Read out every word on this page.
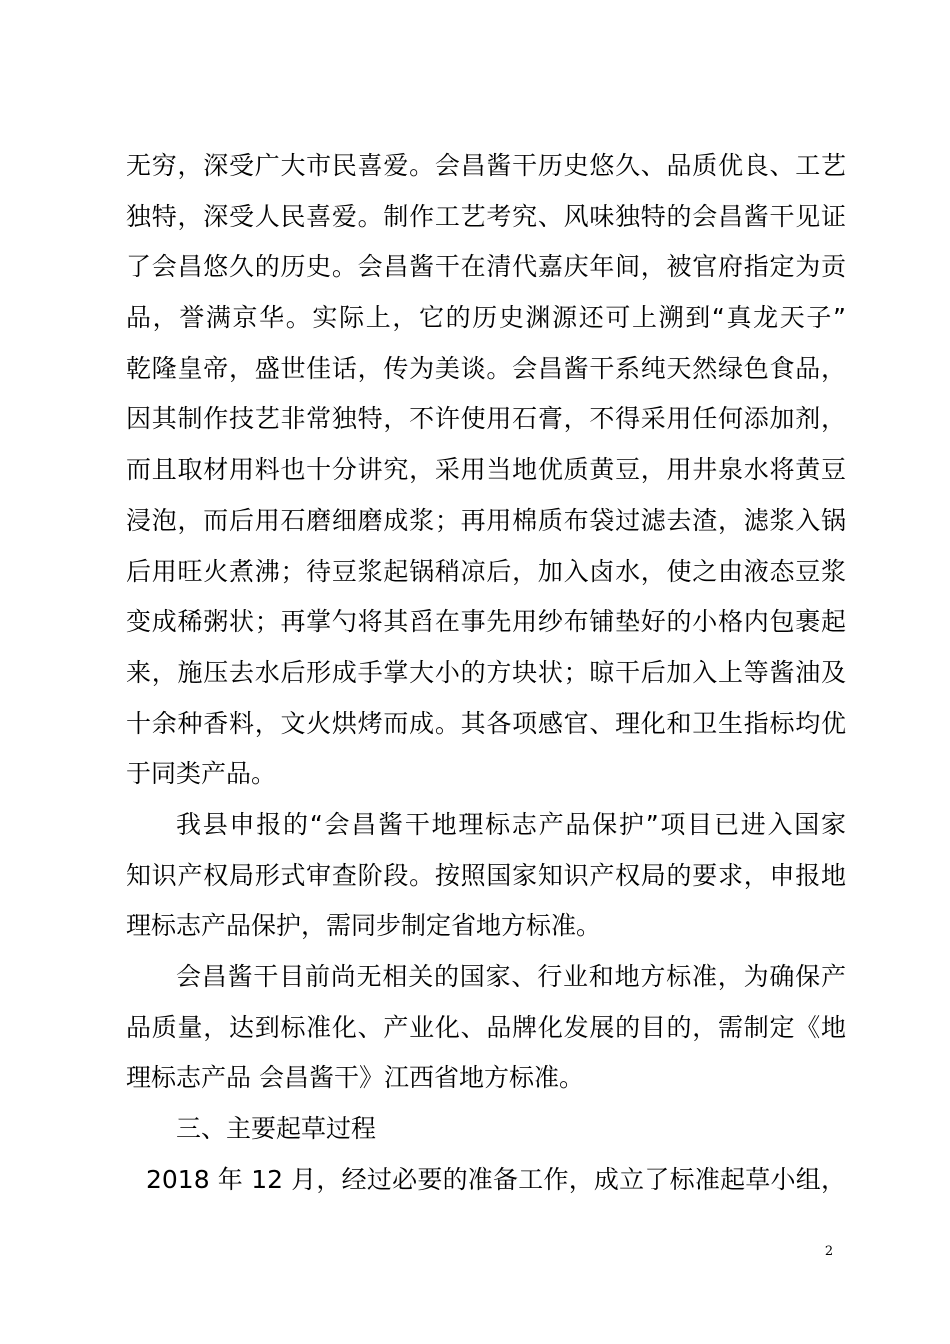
无穷，深受广大市民喜爱。会昌酱干历史悠久、品质优良、工艺
独特，深受人民喜爱。制作工艺考究、风味独特的会昌酱干见证
了会昌悠久的历史。会昌酱干在清代嘉庆年间，被官府指定为贡
品，誉满京华。实际上，它的历史渊源还可上溯到“真龙天子”
乾隆皇帝，盛世佳话，传为美谈。会昌酱干系纯天然绿色食品，
因其制作技艺非常独特，不许使用石膏，不得采用任何添加剂，
而且取材用料也十分讲究，采用当地优质黄豆，用井泉水将黄豆
浸泡，而后用石磨细磨成浆；再用棉质布袋过滤去渣，滤浆入锅
后用旺火煮沸；待豆浆起锅稍凉后，加入卤水，使之由液态豆浆
变成稀粥状；再掌勺将其舀在事先用纱布铺垫好的小格内包裹起
来，施压去水后形成手掌大小的方块状；晾干后加入上等酱油及
十余种香料，文火烘烤而成。其各项感官、理化和卫生指标均优
于同类产品。
我县申报的“会昌酱干地理标志产品保护”项目已进入国家
知识产权局形式审查阶段。按照国家知识产权局的要求，申报地
理标志产品保护，需同步制定省地方标准。
会昌酱干目前尚无相关的国家、行业和地方标准，为确保产
品质量，达到标准化、产业化、品牌化发展的目的，需制定《地
理标志产品 会昌酱干》江西省地方标准。
三、主要起草过程
2018 年 12 月，经过必要的准备工作，成立了标准起草小组，
2
